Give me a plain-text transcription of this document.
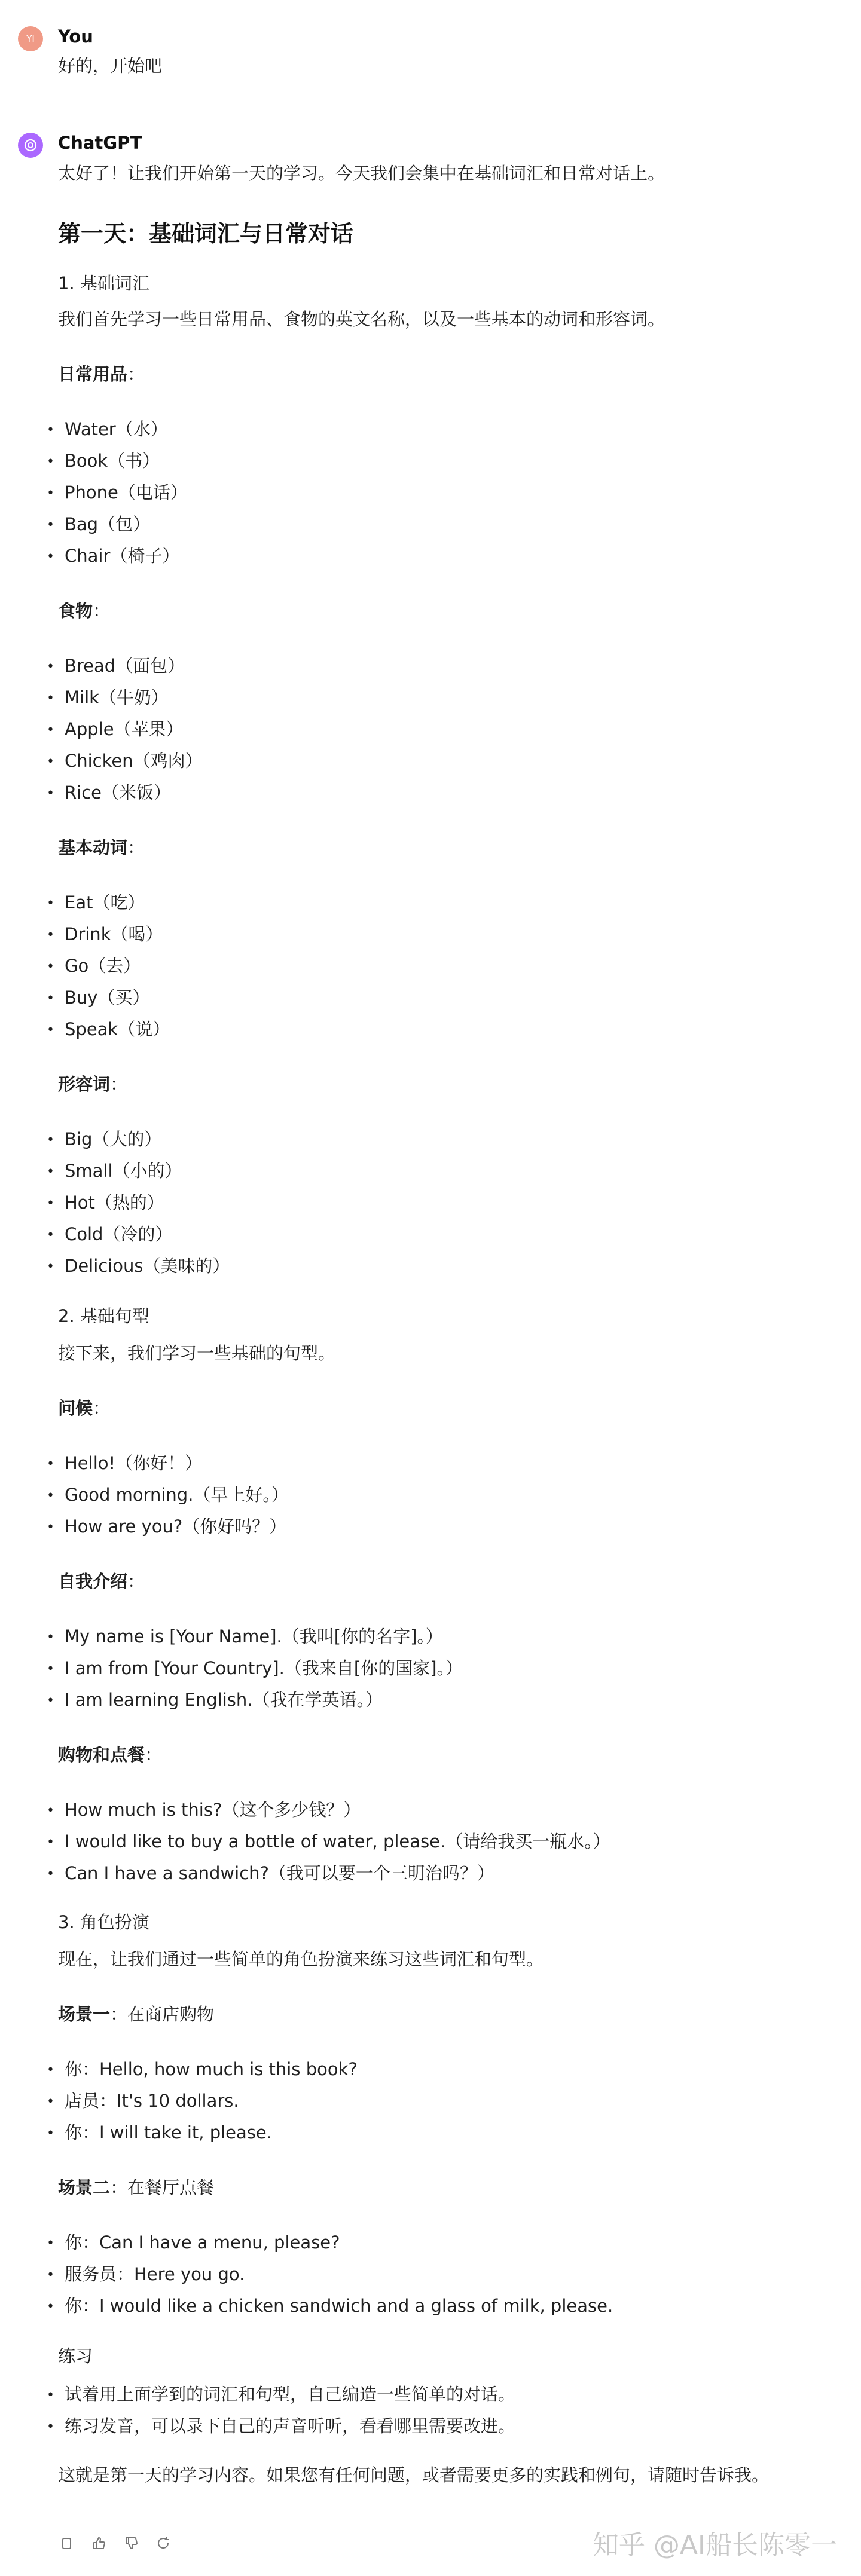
YI You
好的，开始吧
ChatGPT
太好了！让我们开始第一天的学习。今天我们会集中在基础词汇和日常对话上。
第一天：基础词汇与日常对话
1. 基础词汇
我们首先学习一些日常用品、食物的英文名称，以及一些基本的动词和形容词。
日常用品：
• Water（水）
• Book（书）
• Phone（电话）
• Bag（包）
• Chair（椅子）
食物：
• Bread（面包）
• Milk（牛奶）
• Apple（苹果）
• Chicken（鸡肉）
• Rice（米饭）
基本动词：
• Eat（吃）
• Drink（喝）
• Go（去）
• Buy（买）
• Speak（说）
形容词：
• Big（大的）
• Small（小的）
• Hot（热的）
• Cold（冷的）
• Delicious（美味的）
2. 基础句型
接下来，我们学习一些基础的句型。
问候：
• Hello!（你好！）
• Good morning.（早上好。）
• How are you?（你好吗？）
自我介绍：
• My name is [Your Name].（我叫[你的名字]。）
• I am from [Your Country].（我来自[你的国家]。）
• I am learning English.（我在学英语。）
购物和点餐：
• How much is this?（这个多少钱？）
• I would like to buy a bottle of water, please.（请给我买一瓶水。）
• Can I have a sandwich?（我可以要一个三明治吗？）
3. 角色扮演
现在，让我们通过一些简单的角色扮演来练习这些词汇和句型。
场景一：在商店购物
• 你：Hello, how much is this book?
• 店员：It's 10 dollars.
• 你：I will take it, please.
场景二：在餐厅点餐
• 你：Can I have a menu, please?
• 服务员：Here you go.
• 你：I would like a chicken sandwich and a glass of milk, please.
练习
• 试着用上面学到的词汇和句型，自己编造一些简单的对话。
• 练习发音，可以录下自己的声音听听，看看哪里需要改进。
这就是第一天的学习内容。如果您有任何问题，或者需要更多的实践和例句，请随时告诉我。
知乎 @AI船长陈零一
